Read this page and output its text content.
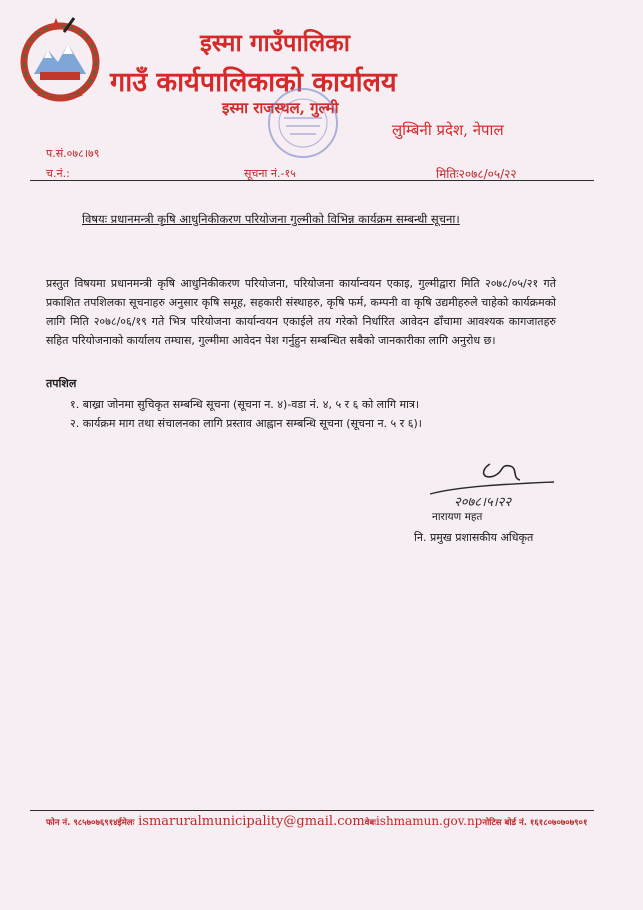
इस्मा गाउँपालिका
गाउँ कार्यपालिकाको कार्यालय
इस्मा राजस्थल, गुल्मी
लुम्बिनी प्रदेश, नेपाल
प.सं.०७८।७९
च.नं.:	सूचना नं.-१५	मितिः२०७८/०५/२२
विषयः प्रधानमन्त्री कृषि आधुनिकीकरण परियोजना गुल्मीको विभिन्न कार्यक्रम सम्बन्धी सूचना।
प्रस्तुत विषयमा प्रधानमन्त्री कृषि आधुनिकीकरण परियोजना, परियोजना कार्यान्वयन एकाइ, गुल्मीद्वारा मिति २०७८/०५/२१ गते प्रकाशित तपशिलका सूचनाहरु अनुसार कृषि समूह, सहकारी संस्थाहरु, कृषि फर्म, कम्पनी वा कृषि उद्यमीहरुले चाहेको कार्यक्रमको लागि मिति २०७८/०६/१९ गते भित्र परियोजना कार्यान्वयन एकाईले तय गरेको निर्धारित आवेदन ढाँचामा आवश्यक कागजातहरु सहित परियोजनाको कार्यालय तम्घास, गुल्मीमा आवेदन पेश गर्नुहुन सम्बन्धित सबैको जानकारीका लागि अनुरोध छ।
तपशिल
१. बाख्रा जोनमा सुचिकृत सम्बन्धि सूचना (सूचना न. ४)-वडा नं. ४, ५ र ६ को लागि मात्र।
२. कार्यक्रम माग तथा संचालनका लागि प्रस्ताव आह्वान सम्बन्धि सूचना (सूचना न. ५ र ६)।
२०७८।५।२२
नारायण महत
नि. प्रमुख प्रशासकीय अधिकृत
फोन नं. ९८५७०७६९१४ईमेलः ismaruralmunicipality@gmail.comवेबःishmamun.gov.npनोटिस बोर्ड नं. १६१८०७०७०७९०१
